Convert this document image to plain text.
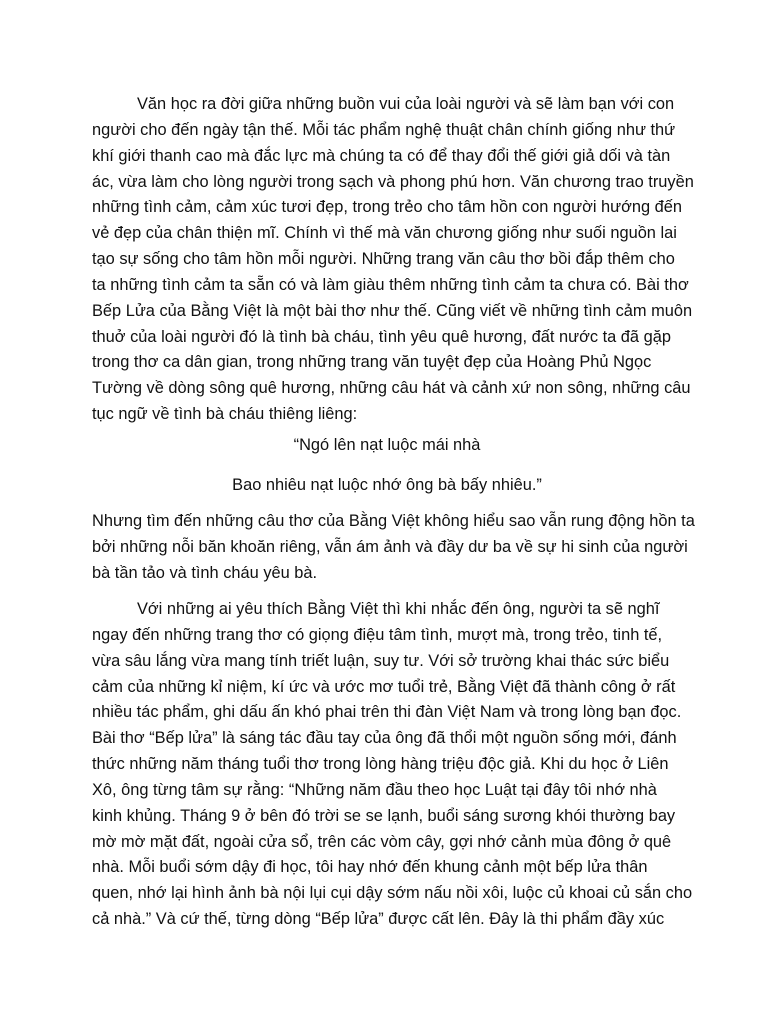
Văn học ra đời giữa những buồn vui của loài người và sẽ làm bạn với con
người cho đến ngày tận thế. Mỗi tác phẩm nghệ thuật chân chính giống như thứ
khí giới thanh cao mà đắc lực mà chúng ta có để thay đổi thế giới giả dối và tàn
ác, vừa làm cho lòng người trong sạch và phong phú hơn. Văn chương trao truyền
những tình cảm, cảm xúc tươi đẹp, trong trẻo cho tâm hồn con người hướng đến
vẻ đẹp của chân thiện mĩ. Chính vì thế mà văn chương giống như suối nguồn lai
tạo sự sống cho tâm hồn mỗi người. Những trang văn câu thơ bồi đắp thêm cho
ta những tình cảm ta sẵn có và làm giàu thêm những tình cảm ta chưa có. Bài thơ
Bếp Lửa của Bằng Việt là một bài thơ như thế. Cũng viết về những tình cảm muôn
thuở của loài người đó là tình bà cháu, tình yêu quê hương, đất nước ta đã gặp
trong thơ ca dân gian, trong những trang văn tuyệt đẹp của Hoàng Phủ Ngọc
Tường về dòng sông quê hương, những câu hát và cảnh xứ non sông, những câu
tục ngữ về tình bà cháu thiêng liêng:
“Ngó lên nạt luộc mái nhà
Bao nhiêu nạt luộc nhớ ông bà bấy nhiêu.”
Nhưng tìm đến những câu thơ của Bằng Việt không hiểu sao vẫn rung động hồn ta
bởi những nỗi băn khoăn riêng, vẫn ám ảnh và đầy dư ba về sự hi sinh của người
bà tần tảo và tình cháu yêu bà.
Với những ai yêu thích Bằng Việt thì khi nhắc đến ông, người ta sẽ nghĩ
ngay đến những trang thơ có giọng điệu tâm tình, mượt mà, trong trẻo, tinh tế,
vừa sâu lắng vừa mang tính triết luận, suy tư. Với sở trường khai thác sức biểu
cảm của những kỉ niệm, kí ức và ước mơ tuổi trẻ, Bằng Việt đã thành công ở rất
nhiều tác phẩm, ghi dấu ấn khó phai trên thi đàn Việt Nam và trong lòng bạn đọc.
Bài thơ “Bếp lửa” là sáng tác đầu tay của ông đã thổi một nguồn sống mới, đánh
thức những năm tháng tuổi thơ trong lòng hàng triệu độc giả. Khi du học ở Liên
Xô, ông từng tâm sự rằng: “Những năm đầu theo học Luật tại đây tôi nhớ nhà
kinh khủng. Tháng 9 ở bên đó trời se se lạnh, buổi sáng sương khói thường bay
mờ mờ mặt đất, ngoài cửa sổ, trên các vòm cây, gợi nhớ cảnh mùa đông ở quê
nhà. Mỗi buổi sớm dậy đi học, tôi hay nhớ đến khung cảnh một bếp lửa thân
quen, nhớ lại hình ảnh bà nội lụi cụi dậy sớm nấu nồi xôi, luộc củ khoai củ sắn cho
cả nhà.” Và cứ thế, từng dòng “Bếp lửa” được cất lên. Đây là thi phẩm đầy xúc
